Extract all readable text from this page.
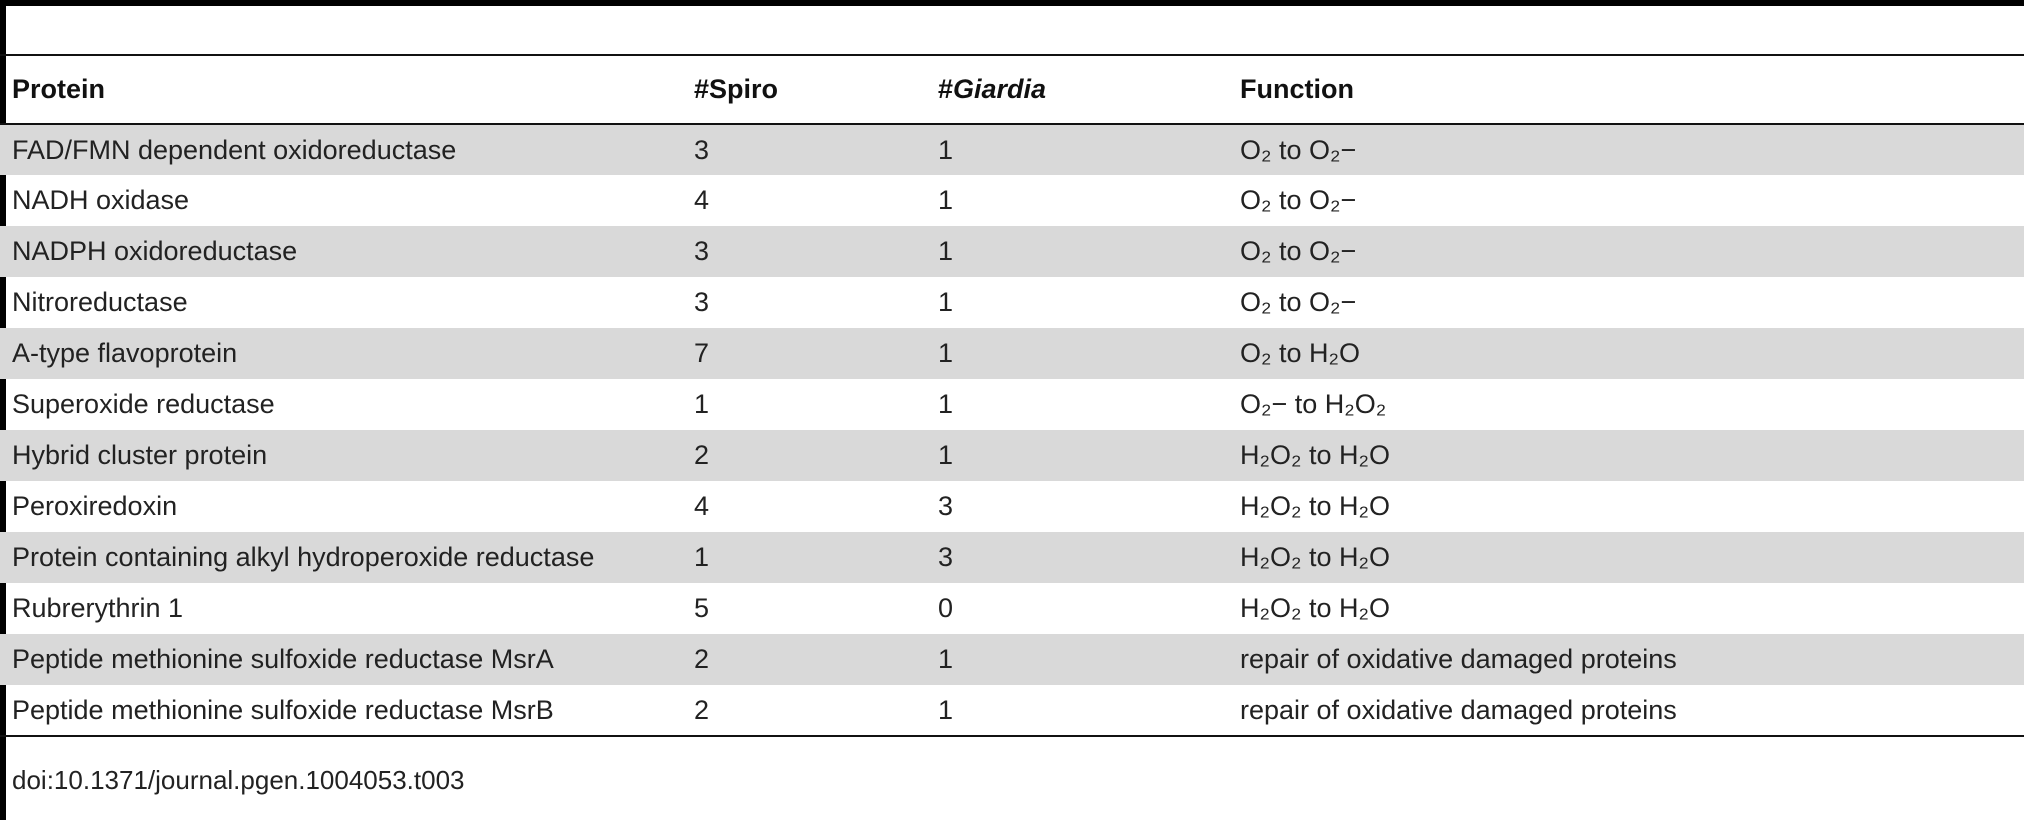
Protein	#Spiro	#Giardia	Function
FAD/FMN dependent oxidoreductase	3	1	O₂ to O₂−
NADH oxidase	4	1	O₂ to O₂−
NADPH oxidoreductase	3	1	O₂ to O₂−
Nitroreductase	3	1	O₂ to O₂−
A-type flavoprotein	7	1	O₂ to H₂O
Superoxide reductase	1	1	O₂− to H₂O₂
Hybrid cluster protein	2	1	H₂O₂ to H₂O
Peroxiredoxin	4	3	H₂O₂ to H₂O
Protein containing alkyl hydroperoxide reductase	1	3	H₂O₂ to H₂O
Rubrerythrin 1	5	0	H₂O₂ to H₂O
Peptide methionine sulfoxide reductase MsrA	2	1	repair of oxidative damaged proteins
Peptide methionine sulfoxide reductase MsrB	2	1	repair of oxidative damaged proteins
doi:10.1371/journal.pgen.1004053.t003
